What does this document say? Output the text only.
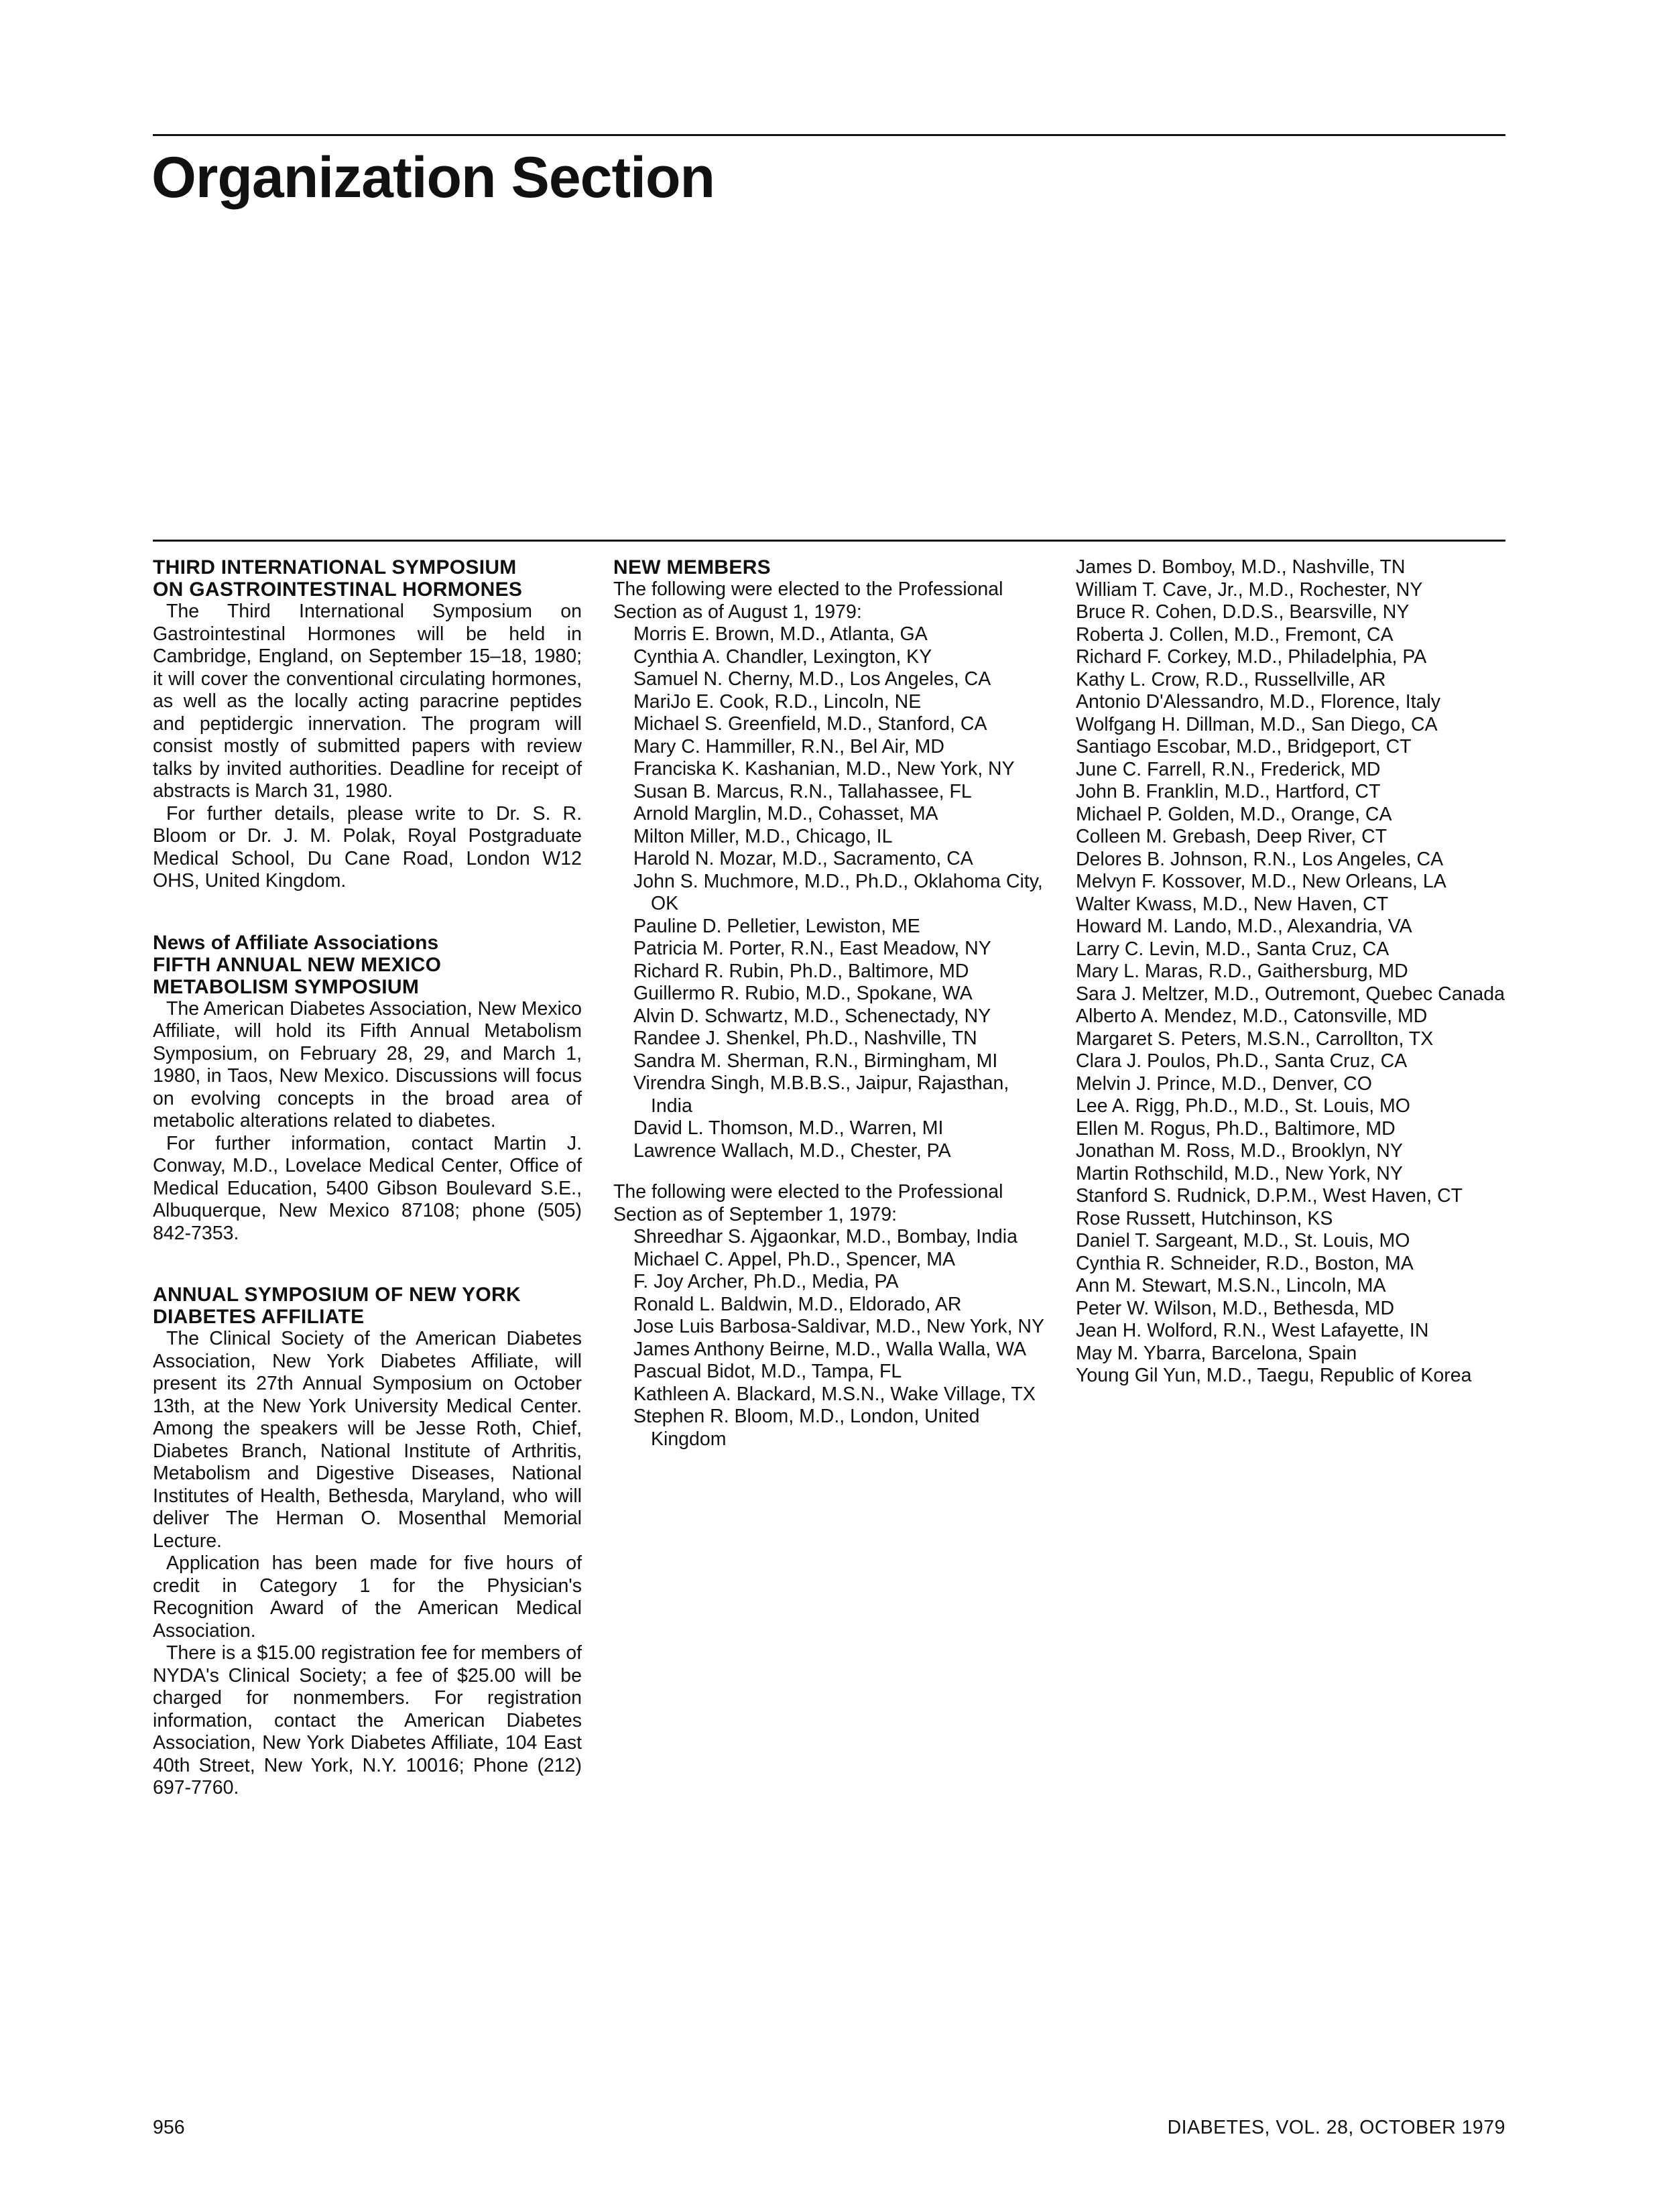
Organization Section
THIRD INTERNATIONAL SYMPOSIUM
ON GASTROINTESTINAL HORMONES

The Third International Symposium on Gastrointestinal Hormones will be held in Cambridge, England, on September 15–18, 1980; it will cover the conventional circulating hormones, as well as the locally acting paracrine peptides and peptidergic innervation. The program will consist mostly of submitted papers with review talks by invited authorities. Deadline for receipt of abstracts is March 31, 1980.

For further details, please write to Dr. S. R. Bloom or Dr. J. M. Polak, Royal Postgraduate Medical School, Du Cane Road, London W12 OHS, United Kingdom.

News of Affiliate Associations
FIFTH ANNUAL NEW MEXICO
METABOLISM SYMPOSIUM

The American Diabetes Association, New Mexico Affiliate, will hold its Fifth Annual Metabolism Symposium, on February 28, 29, and March 1, 1980, in Taos, New Mexico. Discussions will focus on evolving concepts in the broad area of metabolic alterations related to diabetes.

For further information, contact Martin J. Conway, M.D., Lovelace Medical Center, Office of Medical Education, 5400 Gibson Boulevard S.E., Albuquerque, New Mexico 87108; phone (505) 842-7353.

ANNUAL SYMPOSIUM OF NEW YORK
DIABETES AFFILIATE

The Clinical Society of the American Diabetes Association, New York Diabetes Affiliate, will present its 27th Annual Symposium on October 13th, at the New York University Medical Center. Among the speakers will be Jesse Roth, Chief, Diabetes Branch, National Institute of Arthritis, Metabolism and Digestive Diseases, National Institutes of Health, Bethesda, Maryland, who will deliver The Herman O. Mosenthal Memorial Lecture.

Application has been made for five hours of credit in Category 1 for the Physician's Recognition Award of the American Medical Association.

There is a $15.00 registration fee for members of NYDA's Clinical Society; a fee of $25.00 will be charged for nonmembers. For registration information, contact the American Diabetes Association, New York Diabetes Affiliate, 104 East 40th Street, New York, N.Y. 10016; Phone (212) 697-7760.

NEW MEMBERS

The following were elected to the Professional Section as of August 1, 1979:

Morris E. Brown, M.D., Atlanta, GA
Cynthia A. Chandler, Lexington, KY
Samuel N. Cherny, M.D., Los Angeles, CA
MariJo E. Cook, R.D., Lincoln, NE
Michael S. Greenfield, M.D., Stanford, CA
Mary C. Hammiller, R.N., Bel Air, MD
Franciska K. Kashanian, M.D., New York, NY
Susan B. Marcus, R.N., Tallahassee, FL
Arnold Marglin, M.D., Cohasset, MA
Milton Miller, M.D., Chicago, IL
Harold N. Mozar, M.D., Sacramento, CA
John S. Muchmore, M.D., Ph.D., Oklahoma City, OK
Pauline D. Pelletier, Lewiston, ME
Patricia M. Porter, R.N., East Meadow, NY
Richard R. Rubin, Ph.D., Baltimore, MD
Guillermo R. Rubio, M.D., Spokane, WA
Alvin D. Schwartz, M.D., Schenectady, NY
Randee J. Shenkel, Ph.D., Nashville, TN
Sandra M. Sherman, R.N., Birmingham, MI
Virendra Singh, M.B.B.S., Jaipur, Rajasthan, India
David L. Thomson, M.D., Warren, MI
Lawrence Wallach, M.D., Chester, PA

The following were elected to the Professional Section as of September 1, 1979:

Shreedhar S. Ajgaonkar, M.D., Bombay, India
Michael C. Appel, Ph.D., Spencer, MA
F. Joy Archer, Ph.D., Media, PA
Ronald L. Baldwin, M.D., Eldorado, AR
Jose Luis Barbosa-Saldivar, M.D., New York, NY
James Anthony Beirne, M.D., Walla Walla, WA
Pascual Bidot, M.D., Tampa, FL
Kathleen A. Blackard, M.S.N., Wake Village, TX
Stephen R. Bloom, M.D., London, United Kingdom
James D. Bomboy, M.D., Nashville, TN
William T. Cave, Jr., M.D., Rochester, NY
Bruce R. Cohen, D.D.S., Bearsville, NY
Roberta J. Collen, M.D., Fremont, CA
Richard F. Corkey, M.D., Philadelphia, PA
Kathy L. Crow, R.D., Russellville, AR
Antonio D'Alessandro, M.D., Florence, Italy
Wolfgang H. Dillman, M.D., San Diego, CA
Santiago Escobar, M.D., Bridgeport, CT
June C. Farrell, R.N., Frederick, MD
John B. Franklin, M.D., Hartford, CT
Michael P. Golden, M.D., Orange, CA
Colleen M. Grebash, Deep River, CT
Delores B. Johnson, R.N., Los Angeles, CA
Melvyn F. Kossover, M.D., New Orleans, LA
Walter Kwass, M.D., New Haven, CT
Howard M. Lando, M.D., Alexandria, VA
Larry C. Levin, M.D., Santa Cruz, CA
Mary L. Maras, R.D., Gaithersburg, MD
Sara J. Meltzer, M.D., Outremont, Quebec Canada
Alberto A. Mendez, M.D., Catonsville, MD
Margaret S. Peters, M.S.N., Carrollton, TX
Clara J. Poulos, Ph.D., Santa Cruz, CA
Melvin J. Prince, M.D., Denver, CO
Lee A. Rigg, Ph.D., M.D., St. Louis, MO
Ellen M. Rogus, Ph.D., Baltimore, MD
Jonathan M. Ross, M.D., Brooklyn, NY
Martin Rothschild, M.D., New York, NY
Stanford S. Rudnick, D.P.M., West Haven, CT
Rose Russett, Hutchinson, KS
Daniel T. Sargeant, M.D., St. Louis, MO
Cynthia R. Schneider, R.D., Boston, MA
Ann M. Stewart, M.S.N., Lincoln, MA
Peter W. Wilson, M.D., Bethesda, MD
Jean H. Wolford, R.N., West Lafayette, IN
May M. Ybarra, Barcelona, Spain
Young Gil Yun, M.D., Taegu, Republic of Korea
956	DIABETES, VOL. 28, OCTOBER 1979
